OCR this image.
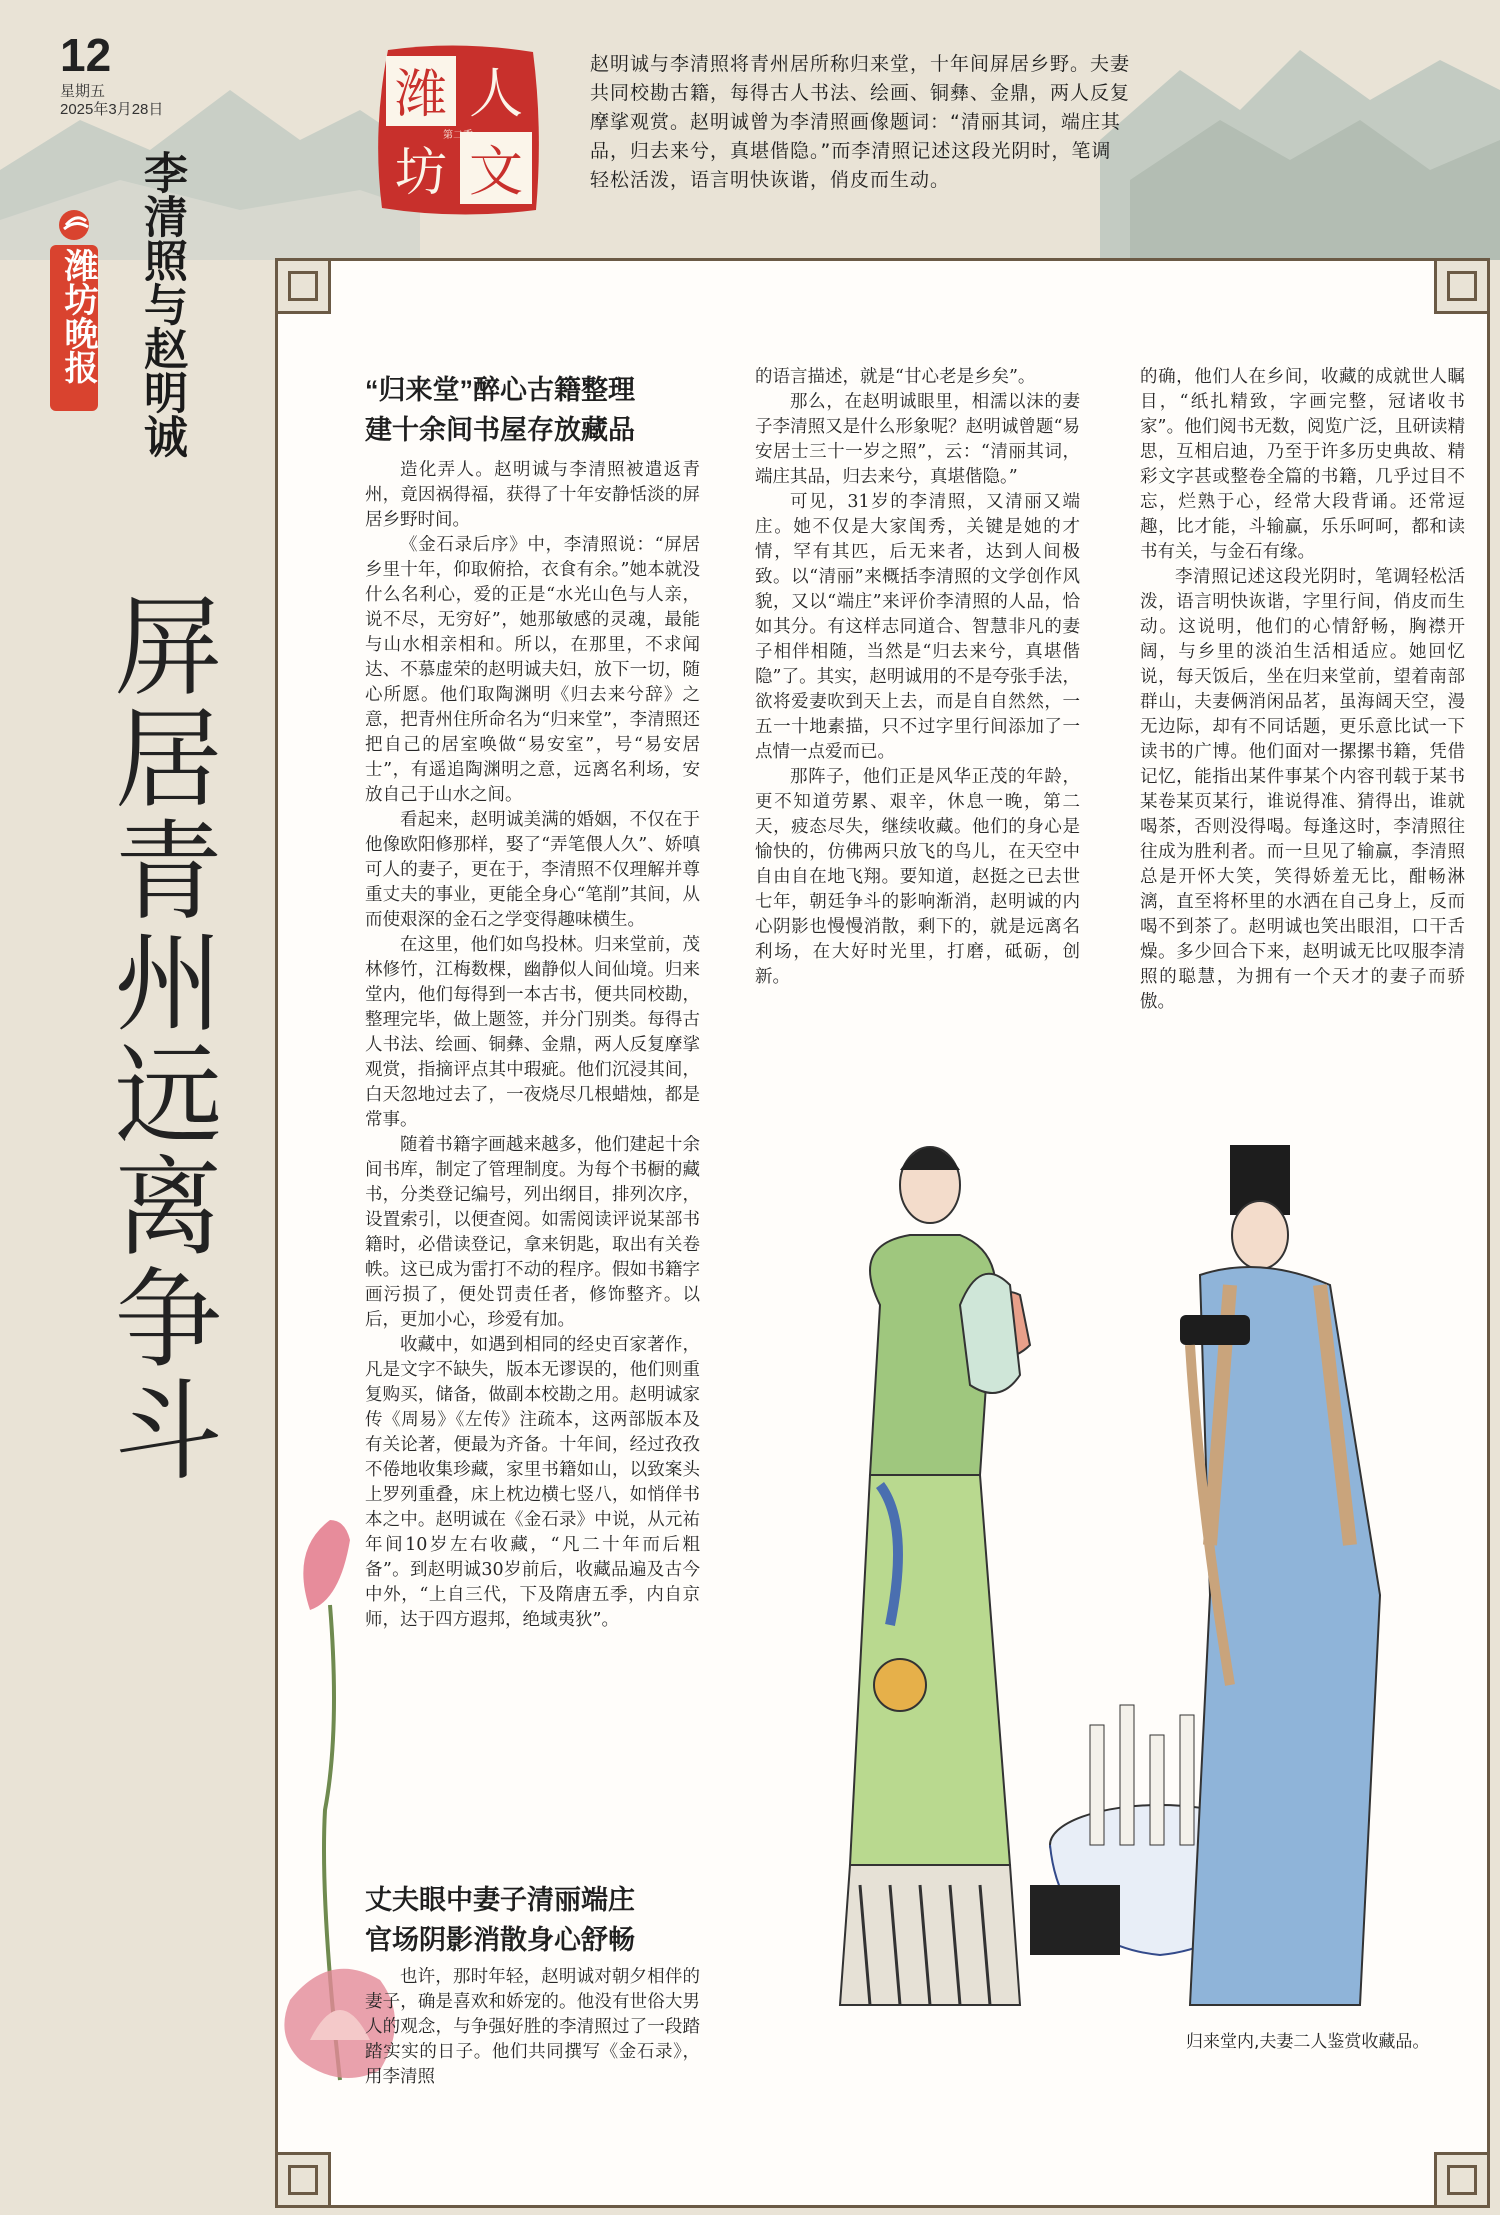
12
星期五
2025年3月28日	潍 人
坊 文
第二季
赵明诚与李清照将青州居所称归来堂，十年间屏居乡野。夫妻共同校勘古籍，每得古人书法、绘画、铜彝、金鼎，两人反复摩挲观赏。赵明诚曾为李清照画像题词：“清丽其词，端庄其品，归去来兮，真堪偕隐。”而李清照记述这段光阴时，笔调轻松活泼，语言明快诙谐，俏皮而生动。
潍坊晚报 李清照与赵明诚
屏居青州远离争斗
“归来堂”醉心古籍整理
建十余间书屋存放藏品

造化弄人。赵明诚与李清照被遣返青州，竟因祸得福，获得了十年安静恬淡的屏居乡野时间。

《金石录后序》中，李清照说：“屏居乡里十年，仰取俯拾，衣食有余。”她本就没什么名利心，爱的正是“水光山色与人亲，说不尽，无穷好”，她那敏感的灵魂，最能与山水相亲相和。所以，在那里，不求闻达、不慕虚荣的赵明诚夫妇，放下一切，随心所愿。他们取陶渊明《归去来兮辞》之意，把青州住所命名为“归来堂”，李清照还把自己的居室唤做“易安室”，号“易安居士”，有遥追陶渊明之意，远离名利场，安放自己于山水之间。

看起来，赵明诚美满的婚姻，不仅在于他像欧阳修那样，娶了“弄笔偎人久”、娇嗔可人的妻子，更在于，李清照不仅理解并尊重丈夫的事业，更能全身心“笔削”其间，从而使艰深的金石之学变得趣味横生。

在这里，他们如鸟投林。归来堂前，茂林修竹，江梅数棵，幽静似人间仙境。归来堂内，他们每得到一本古书，便共同校勘，整理完毕，做上题签，并分门别类。每得古人书法、绘画、铜彝、金鼎，两人反复摩挲观赏，指摘评点其中瑕疵。他们沉浸其间，白天忽地过去了，一夜烧尽几根蜡烛，都是常事。

随着书籍字画越来越多，他们建起十余间书库，制定了管理制度。为每个书橱的藏书，分类登记编号，列出纲目，排列次序，设置索引，以便查阅。如需阅读评说某部书籍时，必借读登记，拿来钥匙，取出有关卷帙。这已成为雷打不动的程序。假如书籍字画污损了，便处罚责任者，修饰整齐。以后，更加小心，珍爱有加。

收藏中，如遇到相同的经史百家著作，凡是文字不缺失，版本无谬误的，他们则重复购买，储备，做副本校勘之用。赵明诚家传《周易》《左传》注疏本，这两部版本及有关论著，便最为齐备。十年间，经过孜孜不倦地收集珍藏，家里书籍如山，以致案头上罗列重叠，床上枕边横七竖八，如悄佯书本之中。赵明诚在《金石录》中说，从元祐年间10岁左右收藏，“凡二十年而后粗备”。到赵明诚30岁前后，收藏品遍及古今中外，“上自三代，下及隋唐五季，内自京师，达于四方遐邦，绝域夷狄”。

丈夫眼中妻子清丽端庄
官场阴影消散身心舒畅

也许，那时年轻，赵明诚对朝夕相伴的妻子，确是喜欢和娇宠的。他没有世俗大男人的观念，与争强好胜的李清照过了一段踏踏实实的日子。他们共同撰写《金石录》，用李清照

的语言描述，就是“甘心老是乡矣”。

那么，在赵明诚眼里，相濡以沫的妻子李清照又是什么形象呢？赵明诚曾题“易安居士三十一岁之照”，云：“清丽其词，端庄其品，归去来兮，真堪偕隐。”

可见，31岁的李清照，又清丽又端庄。她不仅是大家闺秀，关键是她的才情，罕有其匹，后无来者，达到人间极致。以“清丽”来概括李清照的文学创作风貌，又以“端庄”来评价李清照的人品，恰如其分。有这样志同道合、智慧非凡的妻子相伴相随，当然是“归去来兮，真堪偕隐”了。其实，赵明诚用的不是夸张手法，欲将爱妻吹到天上去，而是自自然然，一五一十地素描，只不过字里行间添加了一点情一点爱而已。

那阵子，他们正是风华正茂的年龄，更不知道劳累、艰辛，休息一晚，第二天，疲态尽失，继续收藏。他们的身心是愉快的，仿佛两只放飞的鸟儿，在天空中自由自在地飞翔。要知道，赵挺之已去世七年，朝廷争斗的影响渐消，赵明诚的内心阴影也慢慢消散，剩下的，就是远离名利场，在大好时光里，打磨，砥砺，创新。

的确，他们人在乡间，收藏的成就世人瞩目，“纸扎精致，字画完整，冠诸收书家”。他们阅书无数，阅览广泛，且研读精思，互相启迪，乃至于许多历史典故、精彩文字甚或整卷全篇的书籍，几乎过目不忘，烂熟于心，经常大段背诵。还常逗趣，比才能，斗输赢，乐乐呵呵，都和读书有关，与金石有缘。

李清照记述这段光阴时，笔调轻松活泼，语言明快诙谐，字里行间，俏皮而生动。这说明，他们的心情舒畅，胸襟开阔，与乡里的淡泊生活相适应。她回忆说，每天饭后，坐在归来堂前，望着南部群山，夫妻俩消闲品茗，虽海阔天空，漫无边际，却有不同话题，更乐意比试一下读书的广博。他们面对一摞摞书籍，凭借记忆，能指出某件事某个内容刊载于某书某卷某页某行，谁说得准、猜得出，谁就喝茶，否则没得喝。每逢这时，李清照往往成为胜利者。而一旦见了输赢，李清照总是开怀大笑，笑得娇羞无比，酣畅淋漓，直至将杯里的水洒在自己身上，反而喝不到茶了。赵明诚也笑出眼泪，口干舌燥。多少回合下来，赵明诚无比叹服李清照的聪慧，为拥有一个天才的妻子而骄傲。

归来堂内,夫妻二人鉴赏收藏品。
